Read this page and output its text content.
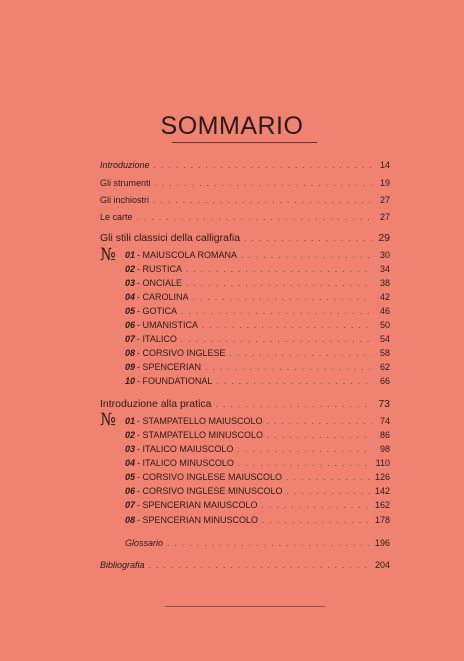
SOMMARIO
Introduzione . . .	14
Gli strumenti . . .	19
Gli inchiostri . . .	27
Le carte . . .	27
Gli stili classici della calligrafia . . .	29
№ 01 - MAIUSCOLA ROMANA . . .	30
02 - RUSTICA . . .	34
03 - ONCIALE . . .	38
04 - CAROLINA . . .	42
05 - GOTICA . . .	46
06 - UMANISTICA . . .	50
07 - ITALICO . . .	54
08 - CORSIVO INGLESE . . .	58
09 - SPENCERIAN . . .	62
10 - FOUNDATIONAL . . .	66
Introduzione alla pratica . . .	73
№ 01 - STAMPATELLO MAIUSCOLO . . .	74
02 - STAMPATELLO MINUSCOLO . . .	86
03 - ITALICO MAIUSCOLO . . .	98
04 - ITALICO MINUSCOLO . . .	110
05 - CORSIVO INGLESE MAIUSCOLO . . .	126
06 - CORSIVO INGLESE MINUSCOLO . . .	142
07 - SPENCERIAN MAIUSCOLO . . .	162
08 - SPENCERIAN MINUSCOLO . . .	178
Glossario . . .	196
Bibliografia . . .	204
